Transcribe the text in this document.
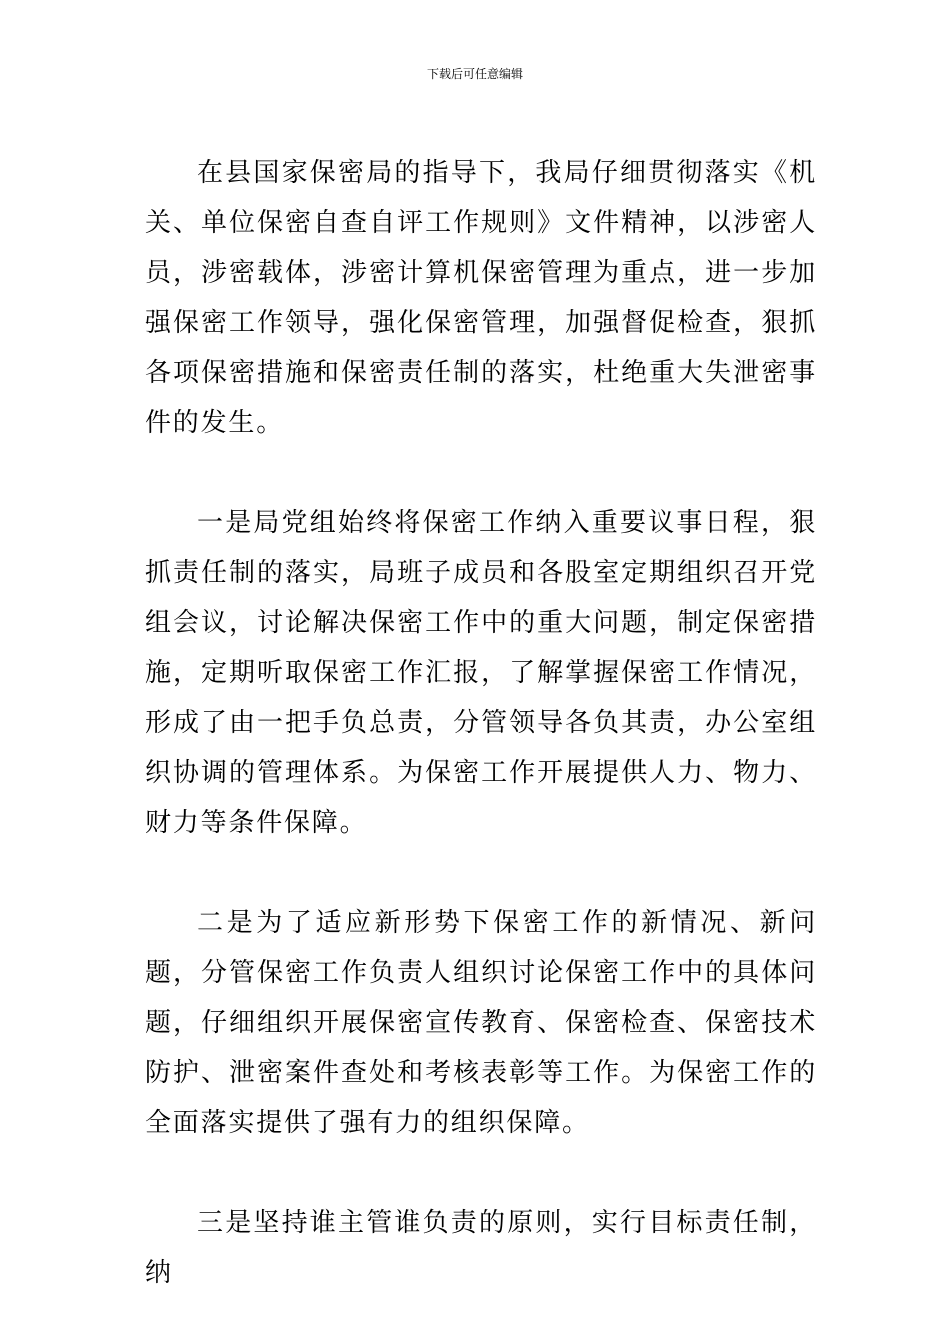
下载后可任意编辑

在县国家保密局的指导下，我局仔细贯彻落实《机关、单位保密自查自评工作规则》文件精神，以涉密人员，涉密载体，涉密计算机保密管理为重点，进一步加强保密工作领导，强化保密管理，加强督促检查，狠抓各项保密措施和保密责任制的落实，杜绝重大失泄密事件的发生。

一是局党组始终将保密工作纳入重要议事日程，狠抓责任制的落实，局班子成员和各股室定期组织召开党组会议，讨论解决保密工作中的重大问题，制定保密措施，定期听取保密工作汇报，了解掌握保密工作情况，形成了由一把手负总责，分管领导各负其责，办公室组织协调的管理体系。为保密工作开展提供人力、物力、财力等条件保障。

二是为了适应新形势下保密工作的新情况、新问题，分管保密工作负责人组织讨论保密工作中的具体问题，仔细组织开展保密宣传教育、保密检查、保密技术防护、泄密案件查处和考核表彰等工作。为保密工作的全面落实提供了强有力的组织保障。

三是坚持谁主管谁负责的原则，实行目标责任制，纳
